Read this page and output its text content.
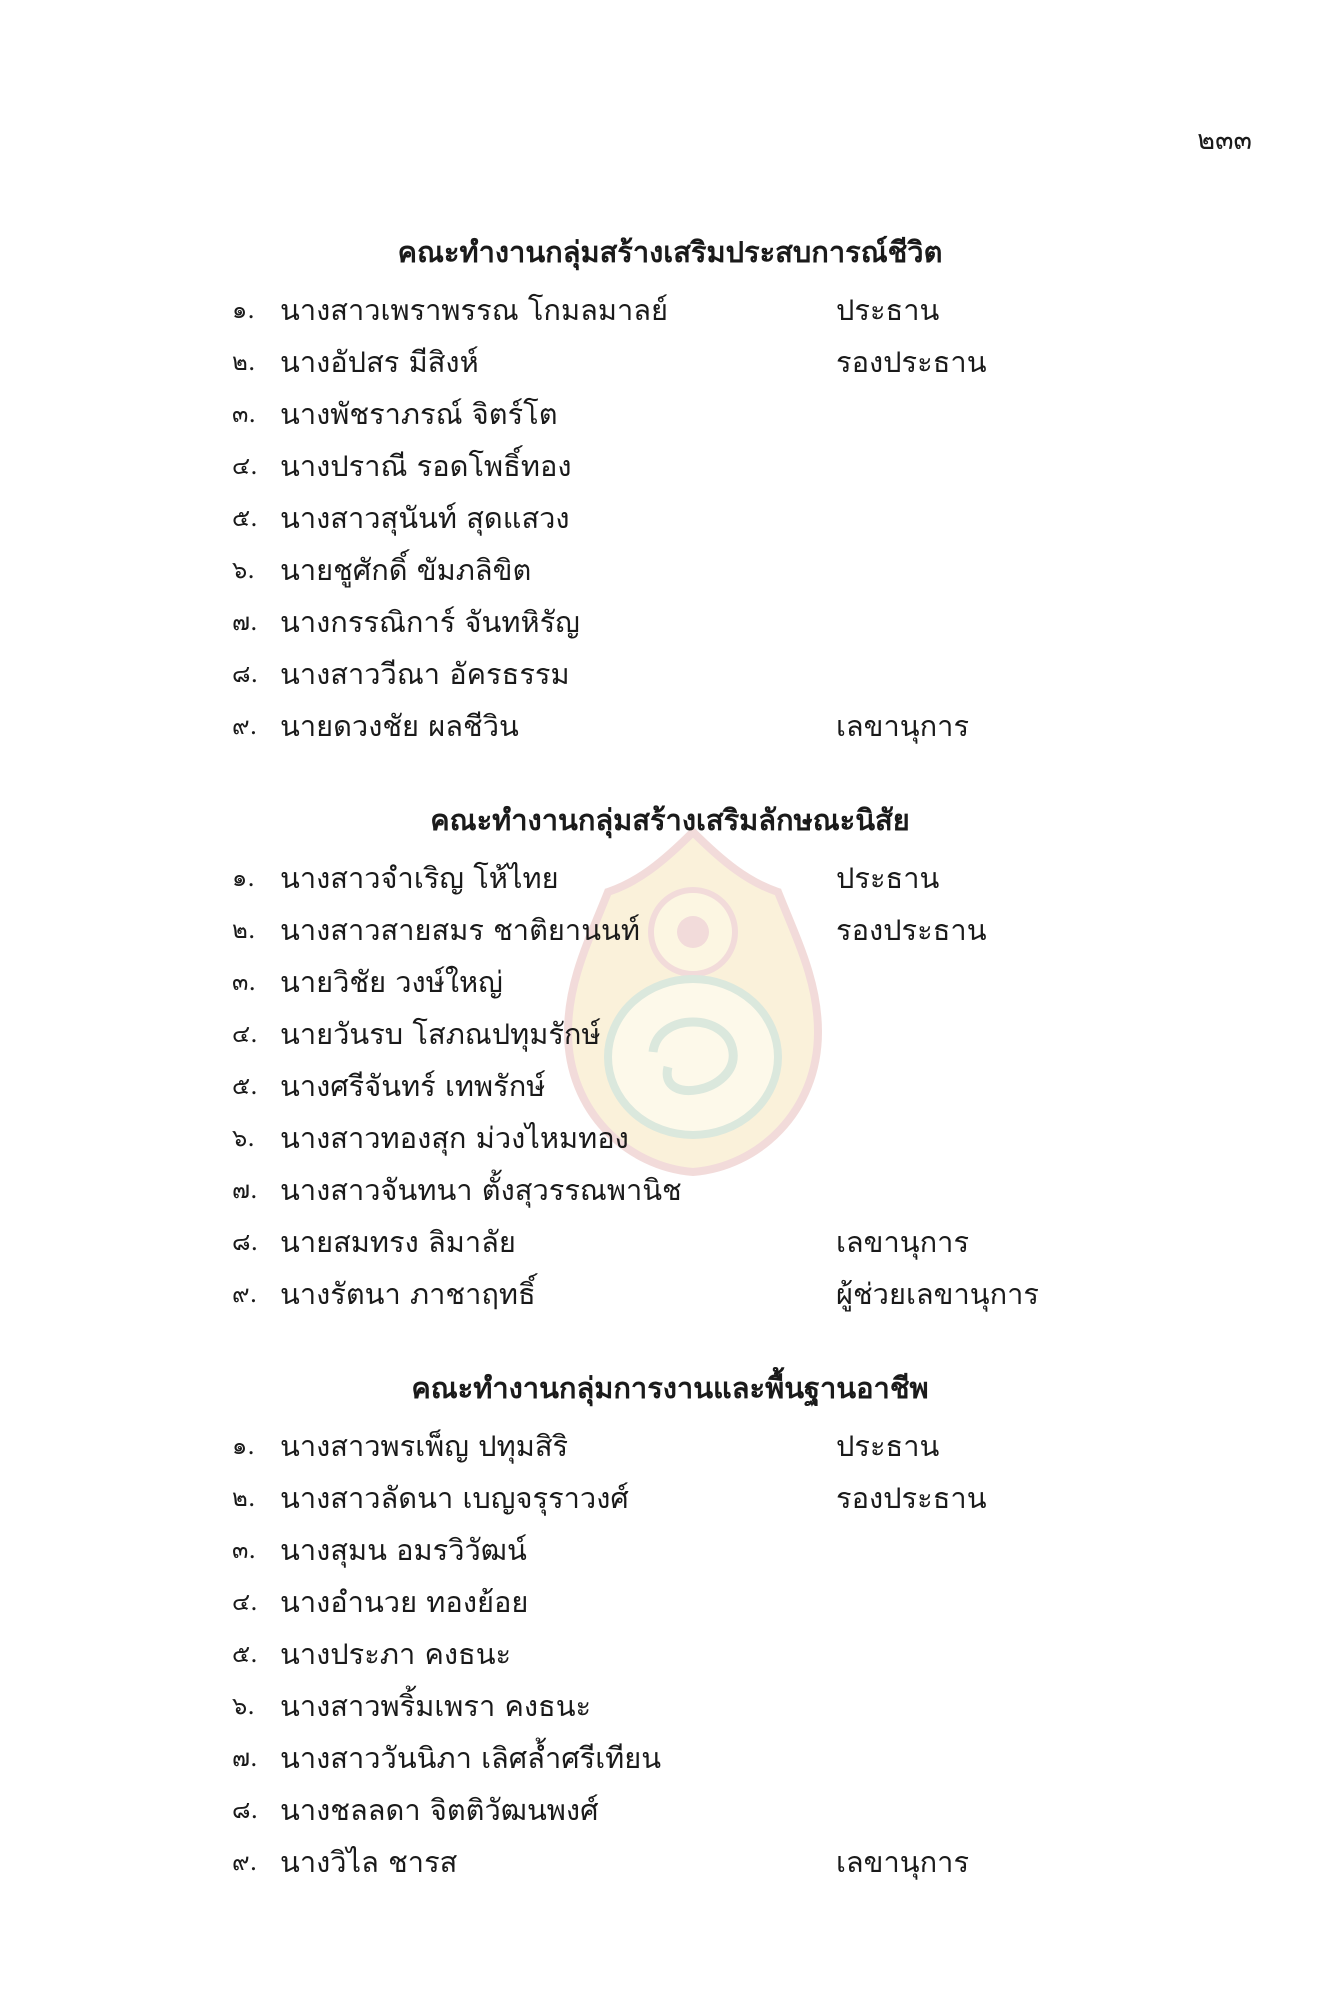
๒๓๓
คณะทำงานกลุ่มสร้างเสริมประสบการณ์ชีวิต
๑. นางสาวเพราพรรณ โกมลมาลย์	ประธาน
๒. นางอัปสร มีสิงห์	รองประธาน
๓. นางพัชราภรณ์ จิตร์โต
๔. นางปราณี รอดโพธิ์ทอง
๕. นางสาวสุนันท์ สุดแสวง
๖. นายชูศักดิ์ ขัมภลิขิต
๗. นางกรรณิการ์ จันทหิรัญ
๘. นางสาววีณา อัครธรรม
๙. นายดวงชัย ผลชีวิน	เลขานุการ
คณะทำงานกลุ่มสร้างเสริมลักษณะนิสัย
๑. นางสาวจำเริญ โห้ไทย	ประธาน
๒. นางสาวสายสมร ชาติยานนท์	รองประธาน
๓. นายวิชัย วงษ์ใหญ่
๔. นายวันรบ โสภณปทุมรักษ์
๕. นางศรีจันทร์ เทพรักษ์
๖. นางสาวทองสุก ม่วงไหมทอง
๗. นางสาวจันทนา ตั้งสุวรรณพานิช
๘. นายสมทรง ลิมาลัย	เลขานุการ
๙. นางรัตนา ภาชาฤทธิ์	ผู้ช่วยเลขานุการ
คณะทำงานกลุ่มการงานและพื้นฐานอาชีพ
๑. นางสาวพรเพ็ญ ปทุมสิริ	ประธาน
๒. นางสาวลัดนา เบญจรุราวงศ์	รองประธาน
๓. นางสุมน อมรวิวัฒน์
๔. นางอำนวย ทองย้อย
๕. นางประภา คงธนะ
๖. นางสาวพริ้มเพรา คงธนะ
๗. นางสาววันนิภา เลิศล้ำศรีเทียน
๘. นางชลลดา จิตติวัฒนพงศ์
๙. นางวิไล ชารส	เลขานุการ
